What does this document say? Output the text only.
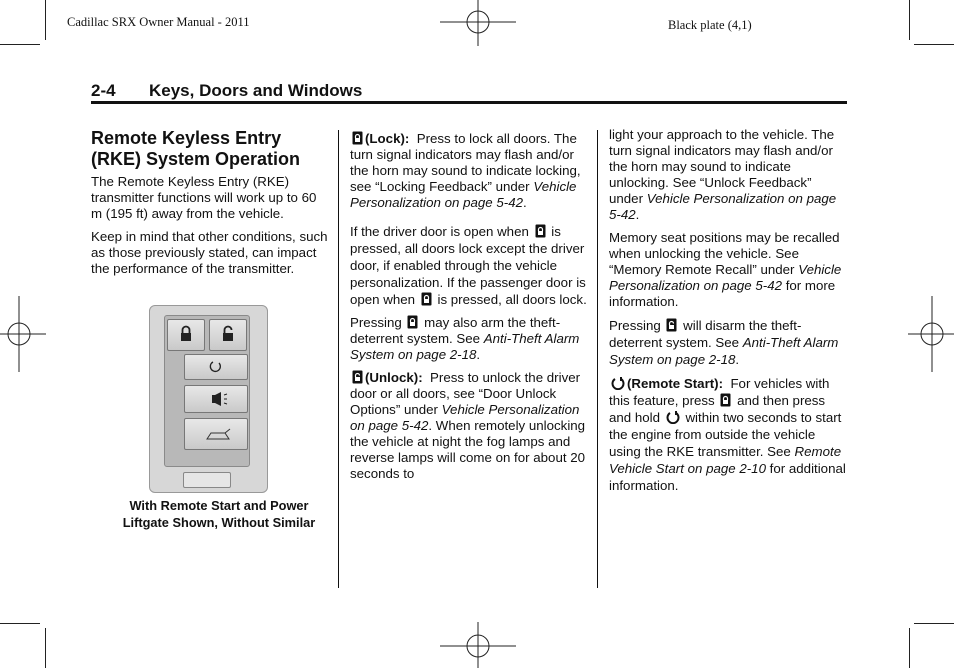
Cadillac SRX Owner Manual - 2011	Black plate (4,1)
2-4 Keys, Doors and Windows
Remote Keyless Entry
(RKE) System Operation

The Remote Keyless Entry (RKE) transmitter functions will work up to 60 m (195 ft) away from the vehicle.

Keep in mind that other conditions, such as those previously stated, can impact the performance of the transmitter.

With Remote Start and Power
Liftgate Shown, Without Similar

(Lock): Press to lock all doors. The turn signal indicators may flash and/or the horn may sound to indicate locking, see “Locking Feedback” under Vehicle Personalization on page 5-42.

If the driver door is open when is pressed, all doors lock except the driver door, if enabled through the vehicle personalization. If the passenger door is open when is pressed, all doors lock.

Pressing may also arm the theft-deterrent system. See Anti-Theft Alarm System on page 2-18.

(Unlock): Press to unlock the driver door or all doors, see “Door Unlock Options” under Vehicle Personalization on page 5-42. When remotely unlocking the vehicle at night the fog lamps and reverse lamps will come on for about 20 seconds to

light your approach to the vehicle. The turn signal indicators may flash and/or the horn may sound to indicate unlocking. See “Unlock Feedback” under Vehicle Personalization on page 5-42.

Memory seat positions may be recalled when unlocking the vehicle. See “Memory Remote Recall” under Vehicle Personalization on page 5-42 for more information.

Pressing will disarm the theft-deterrent system. See Anti-Theft Alarm System on page 2-18.

(Remote Start): For vehicles with this feature, press and then press and hold within two seconds to start the engine from outside the vehicle using the RKE transmitter. See Remote Vehicle Start on page 2-10 for additional information.
